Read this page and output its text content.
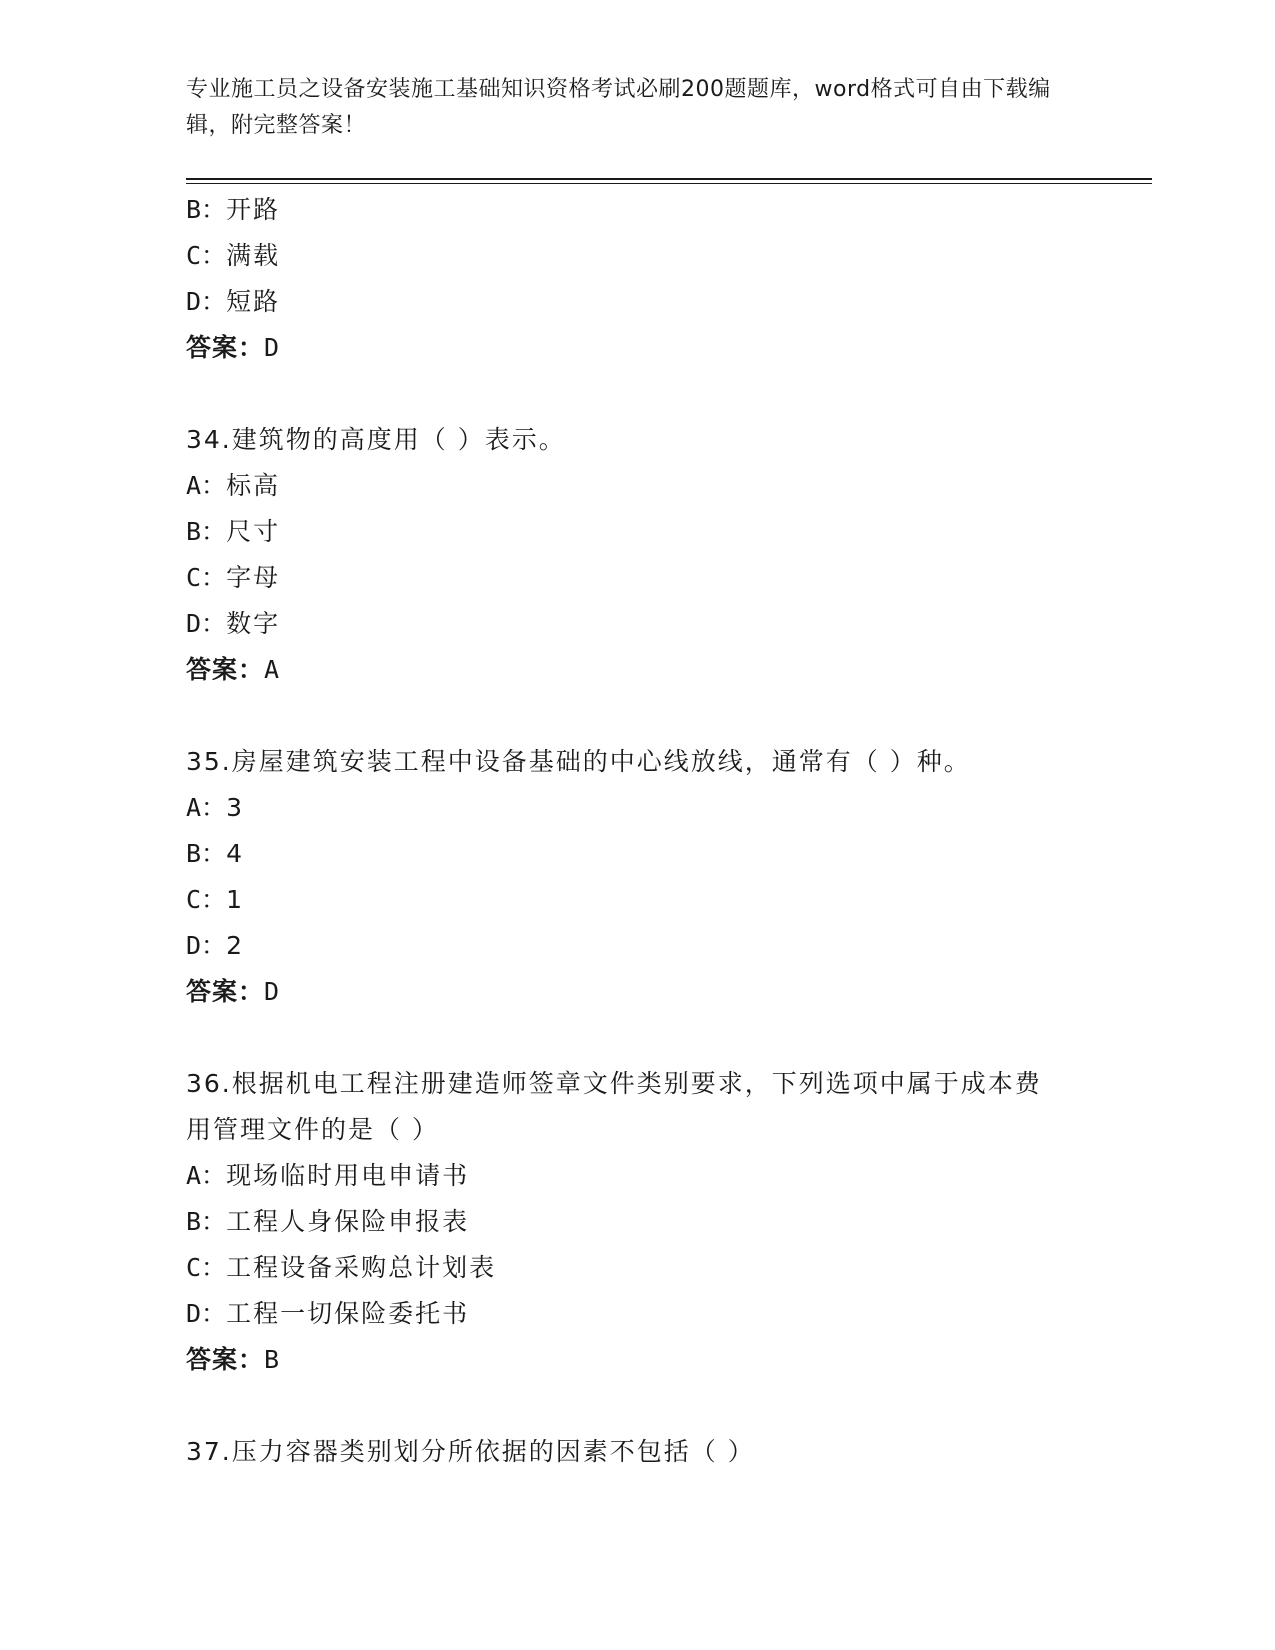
专业施工员之设备安装施工基础知识资格考试必刷200题题库，word格式可自由下载编辑，附完整答案！
B：开路
C：满载
D：短路
答案：D
34.建筑物的高度用（ ）表示。
A：标高
B：尺寸
C：字母
D：数字
答案：A
35.房屋建筑安装工程中设备基础的中心线放线，通常有（ ）种。
A：3
B：4
C：1
D：2
答案：D
36.根据机电工程注册建造师签章文件类别要求，下列选项中属于成本费用管理文件的是（ ）
A：现场临时用电申请书
B：工程人身保险申报表
C：工程设备采购总计划表
D：工程一切保险委托书
答案：B
37.压力容器类别划分所依据的因素不包括（ ）
